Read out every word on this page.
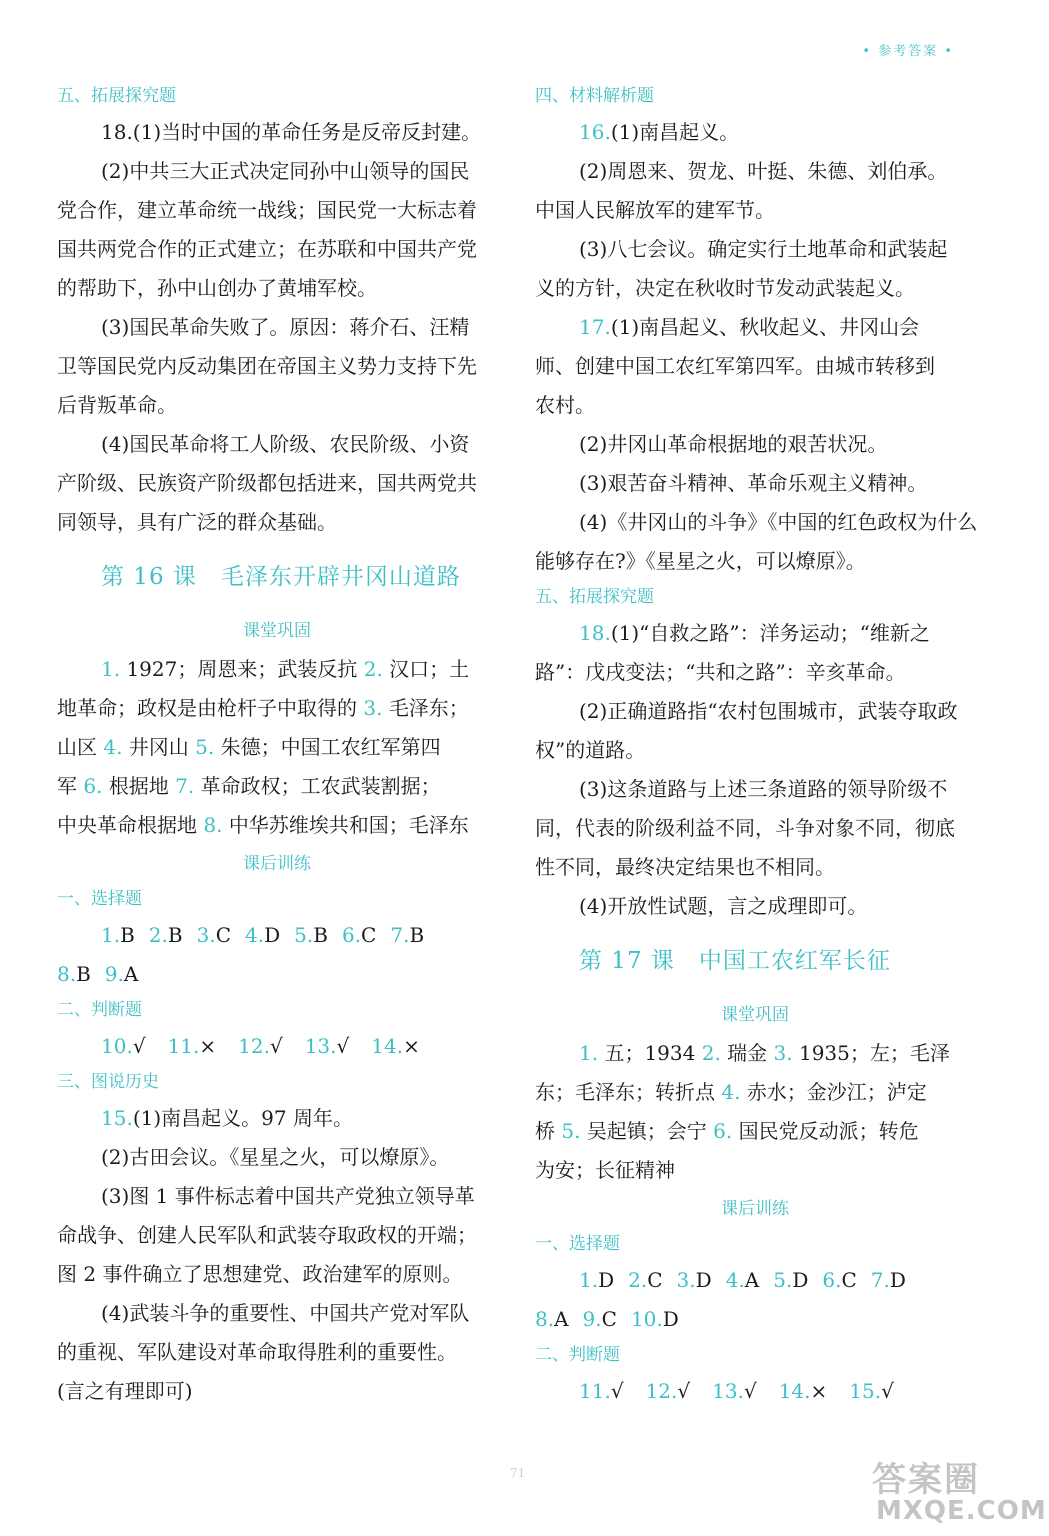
• 参考答案 •
五、拓展探究题
18.(1)当时中国的革命任务是反帝反封建。
(2)中共三大正式决定同孙中山领导的国民
党合作，建立革命统一战线；国民党一大标志着
国共两党合作的正式建立；在苏联和中国共产党
的帮助下，孙中山创办了黄埔军校。
(3)国民革命失败了。原因：蒋介石、汪精
卫等国民党内反动集团在帝国主义势力支持下先
后背叛革命。
(4)国民革命将工人阶级、农民阶级、小资
产阶级、民族资产阶级都包括进来，国共两党共
同领导，具有广泛的群众基础。
第 16 课　毛泽东开辟井冈山道路
课堂巩固
1. 1927；周恩来；武装反抗 2. 汉口；土
地革命；政权是由枪杆子中取得的 3. 毛泽东；
山区 4. 井冈山 5. 朱德；中国工农红军第四
军 6. 根据地 7. 革命政权；工农武装割据；
中央革命根据地 8. 中华苏维埃共和国；毛泽东
课后训练
一、选择题
1.B 2.B 3.C 4.D 5.B 6.C 7.B
8.B 9.A
二、判断题
10.√ 11.× 12.√ 13.√ 14.×
三、图说历史
15.(1)南昌起义。97 周年。
(2)古田会议。《星星之火，可以燎原》。
(3)图 1 事件标志着中国共产党独立领导革
命战争、创建人民军队和武装夺取政权的开端；
图 2 事件确立了思想建党、政治建军的原则。
(4)武装斗争的重要性、中国共产党对军队
的重视、军队建设对革命取得胜利的重要性。
(言之有理即可)
四、材料解析题
16.(1)南昌起义。
(2)周恩来、贺龙、叶挺、朱德、刘伯承。
中国人民解放军的建军节。
(3)八七会议。确定实行土地革命和武装起
义的方针，决定在秋收时节发动武装起义。
17.(1)南昌起义、秋收起义、井冈山会
师、创建中国工农红军第四军。由城市转移到
农村。
(2)井冈山革命根据地的艰苦状况。
(3)艰苦奋斗精神、革命乐观主义精神。
(4)《井冈山的斗争》《中国的红色政权为什么
能够存在?》《星星之火，可以燎原》。
五、拓展探究题
18.(1)“自救之路”：洋务运动；“维新之
路”：戊戌变法；“共和之路”：辛亥革命。
(2)正确道路指“农村包围城市，武装夺取政
权”的道路。
(3)这条道路与上述三条道路的领导阶级不
同，代表的阶级利益不同，斗争对象不同，彻底
性不同，最终决定结果也不相同。
(4)开放性试题，言之成理即可。
第 17 课　中国工农红军长征
课堂巩固
1. 五；1934 2. 瑞金 3. 1935；左；毛泽
东；毛泽东；转折点 4. 赤水；金沙江；泸定
桥 5. 吴起镇；会宁 6. 国民党反动派；转危
为安；长征精神
课后训练
一、选择题
1.D 2.C 3.D 4.A 5.D 6.C 7.D
8.A 9.C 10.D
二、判断题
11.√ 12.√ 13.√ 14.× 15.√
71	答案圈
MXQE.COM
